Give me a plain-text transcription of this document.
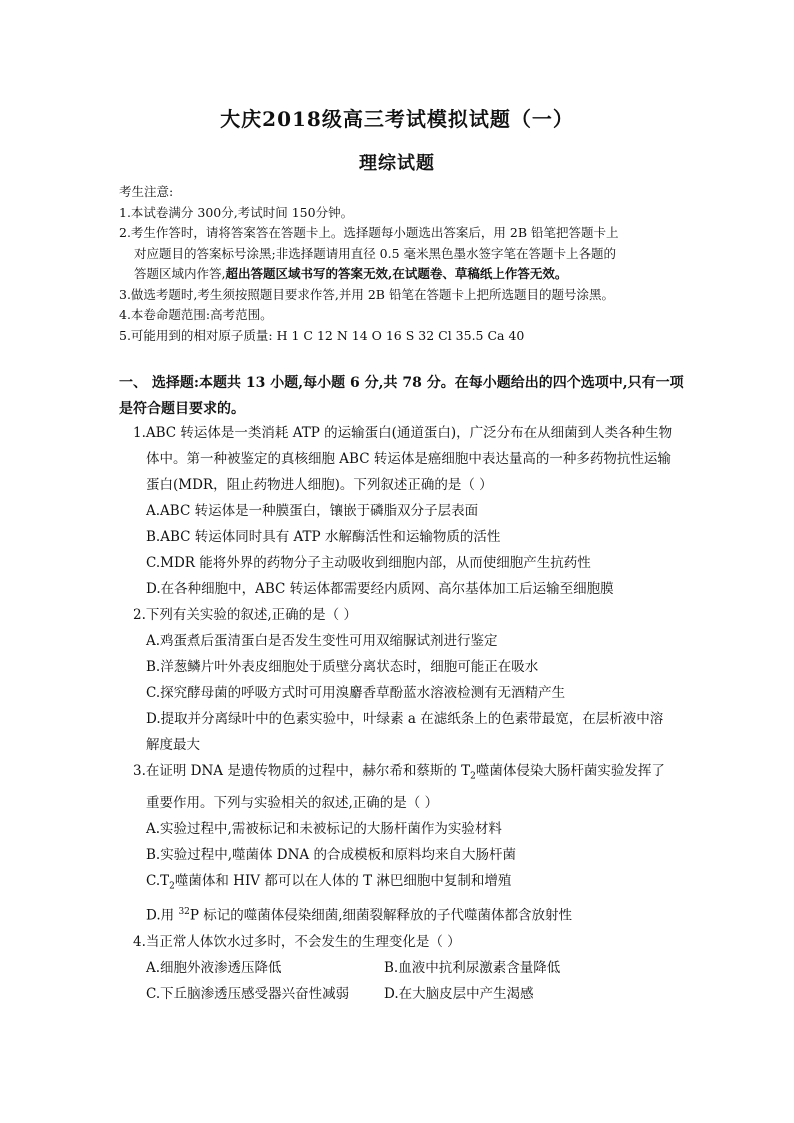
大庆2018级高三考试模拟试题（一）
理综试题
考生注意:
1.本试卷满分 300分,考试时间 150分钟。
2.考生作答时，请将答案答在答题卡上。选择题每小题选出答案后，用 2B 铅笔把答题卡上
对应题目的答案标号涂黑;非选择题请用直径 0.5 毫米黑色墨水签字笔在答题卡上各题的
答题区域内作答,超出答题区域书写的答案无效,在试题卷、草稿纸上作答无效。
3.做选考题时,考生须按照题目要求作答,并用 2B 铅笔在答题卡上把所选题目的题号涂黑。
4.本卷命题范围:高考范围。
5.可能用到的相对原子质量: H 1 C 12 N 14 O 16 S 32 Cl 35.5 Ca 40
一、 选择题:本题共 13 小题,每小题 6 分,共 78 分。在每小题给出的四个选项中,只有一项
是符合题目要求的。
1.ABC 转运体是一类消耗 ATP 的运输蛋白(通道蛋白)，广泛分布在从细菌到人类各种生物
体中。第一种被鉴定的真核细胞 ABC 转运体是癌细胞中表达量高的一种多药物抗性运输
蛋白(MDR，阻止药物进人细胞)。下列叙述正确的是（ ）
A.ABC 转运体是一种膜蛋白，镶嵌于磷脂双分子层表面
B.ABC 转运体同时具有 ATP 水解酶活性和运输物质的活性
C.MDR 能将外界的药物分子主动吸收到细胞内部，从而使细胞产生抗药性
D.在各种细胞中，ABC 转运体都需要经内质网、高尔基体加工后运输至细胞膜
2.下列有关实验的叙述,正确的是（ ）
A.鸡蛋煮后蛋清蛋白是否发生变性可用双缩脲试剂进行鉴定
B.洋葱鳞片叶外表皮细胞处于质壁分离状态时，细胞可能正在吸水
C.探究酵母菌的呼吸方式时可用溴麝香草酚蓝水溶液检测有无酒精产生
D.提取并分离绿叶中的色素实验中，叶绿素 a 在滤纸条上的色素带最宽，在层析液中溶
解度最大
3.在证明 DNA 是遗传物质的过程中，赫尔希和蔡斯的 $T_2$噬菌体侵染大肠杆菌实验发挥了
重要作用。下列与实验相关的叙述,正确的是（ ）
A.实验过程中,需被标记和未被标记的大肠杆菌作为实验材料
B.实验过程中,噬菌体 DNA 的合成模板和原料均来自大肠杆菌
$C.T_2$噬菌体和 HIV 都可以在人体的 T 淋巴细胞中复制和增殖
D.用 $^{32}$P 标记的噬菌体侵染细菌,细菌裂解释放的子代噬菌体都含放射性
4.当正常人体饮水过多时，不会发生的生理变化是（ ）
A.细胞外液渗透压降低	B.血液中抗利尿激素含量降低
C.下丘脑渗透压感受器兴奋性减弱	D.在大脑皮层中产生渴感
